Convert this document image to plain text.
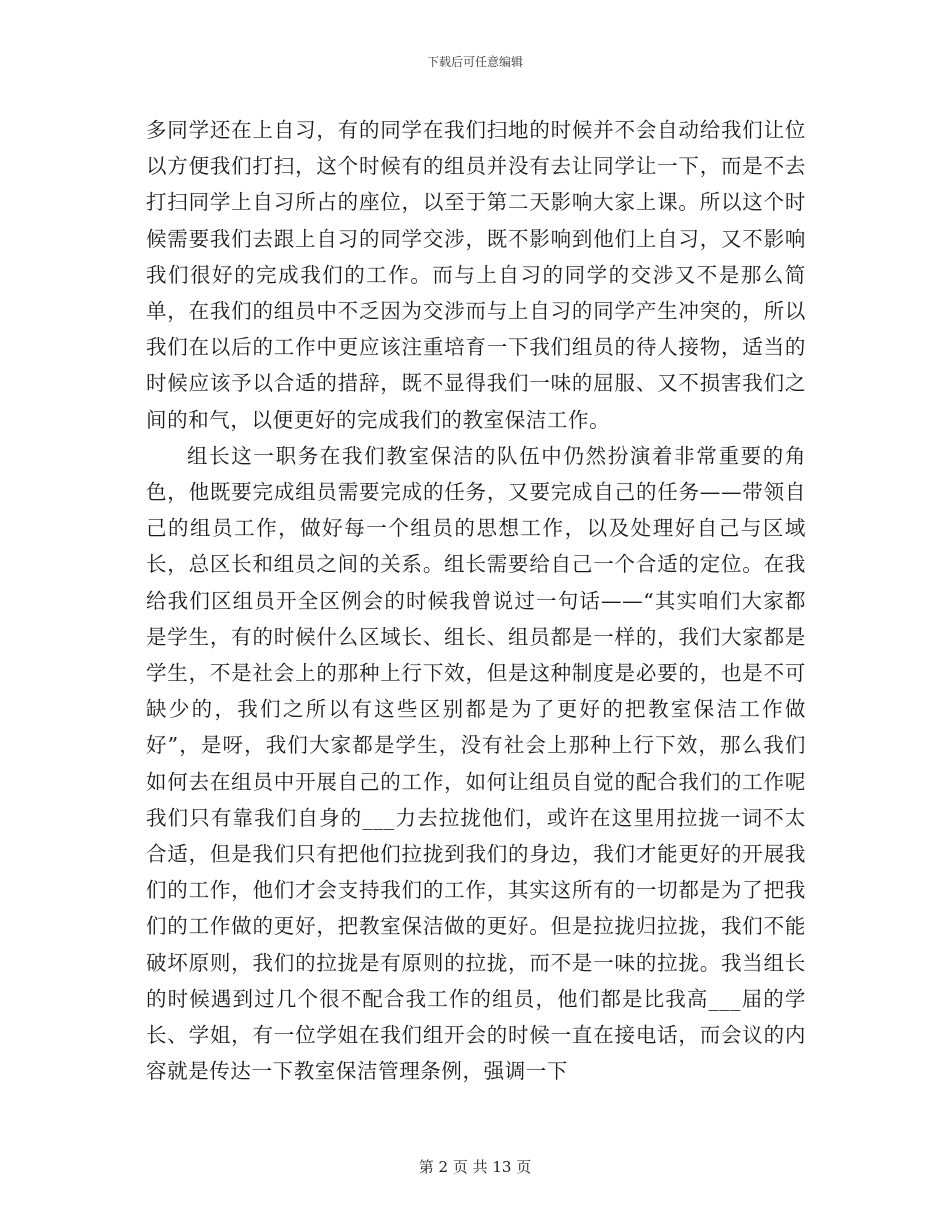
下载后可任意编辑

多同学还在上自习，有的同学在我们扫地的时候并不会自动给我们让位以方便我们打扫，这个时候有的组员并没有去让同学让一下，而是不去打扫同学上自习所占的座位，以至于第二天影响大家上课。所以这个时候需要我们去跟上自习的同学交涉，既不影响到他们上自习，又不影响我们很好的完成我们的工作。而与上自习的同学的交涉又不是那么简单，在我们的组员中不乏因为交涉而与上自习的同学产生冲突的，所以我们在以后的工作中更应该注重培育一下我们组员的待人接物，适当的时候应该予以合适的措辞，既不显得我们一味的屈服、又不损害我们之间的和气，以便更好的完成我们的教室保洁工作。

组长这一职务在我们教室保洁的队伍中仍然扮演着非常重要的角色，他既要完成组员需要完成的任务，又要完成自己的任务——带领自己的组员工作，做好每一个组员的思想工作，以及处理好自己与区域长，总区长和组员之间的关系。组长需要给自己一个合适的定位。在我给我们区组员开全区例会的时候我曾说过一句话——“其实咱们大家都是学生，有的时候什么区域长、组长、组员都是一样的，我们大家都是学生，不是社会上的那种上行下效，但是这种制度是必要的，也是不可缺少的，我们之所以有这些区别都是为了更好的把教室保洁工作做好”，是呀，我们大家都是学生，没有社会上那种上行下效，那么我们如何去在组员中开展自己的工作，如何让组员自觉的配合我们的工作呢我们只有靠我们自身的___力去拉拢他们，或许在这里用拉拢一词不太合适，但是我们只有把他们拉拢到我们的身边，我们才能更好的开展我们的工作，他们才会支持我们的工作，其实这所有的一切都是为了把我们的工作做的更好，把教室保洁做的更好。但是拉拢归拉拢，我们不能破坏原则，我们的拉拢是有原则的拉拢，而不是一味的拉拢。我当组长的时候遇到过几个很不配合我工作的组员，他们都是比我高___届的学长、学姐，有一位学姐在我们组开会的时候一直在接电话，而会议的内容就是传达一下教室保洁管理条例，强调一下

第 2 页 共 13 页
